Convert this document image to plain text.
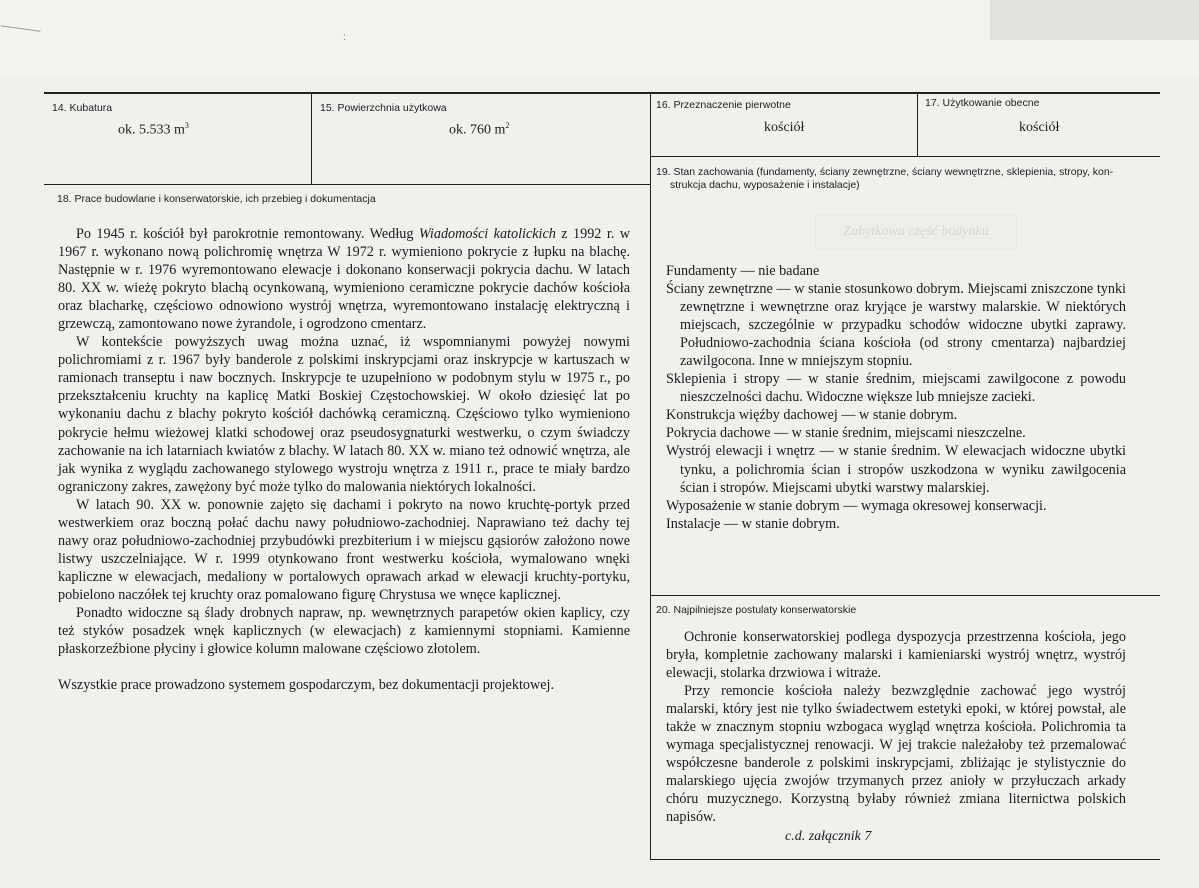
:
14. Kubatura
ok. 5.533 $m^3$
15. Powierzchnia użytkowa
ok. 760 $m^2$
16. Przeznaczenie pierwotne
kościół
17. Użytkowanie obecne
kościół
18. Prace budowlane i konserwatorskie, ich przebieg i dokumentacja

Po 1945 r. kościół był parokrotnie remontowany. Według Wiadomości katolickich z 1992 r. w 1967 r. wykonano nową polichromię wnętrza W 1972 r. wymieniono pokrycie z łupku na blachę. Następnie w r. 1976 wyremontowano elewacje i dokonano konserwacji pokrycia dachu. W latach 80. XX w. wieżę pokryto blachą ocynkowaną, wymieniono ceramiczne pokrycie dachów kościoła oraz blacharkę, częściowo odnowiono wystrój wnętrza, wyremontowano instalację elektryczną i grzewczą, zamontowano nowe żyrandole, i ogrodzono cmentarz.

W kontekście powyższych uwag można uznać, iż wspomnianymi powyżej nowymi polichromiami z r. 1967 były banderole z polskimi inskrypcjami oraz inskrypcje w kartuszach w ramionach transeptu i naw bocznych. Inskrypcje te uzupełniono w podobnym stylu w 1975 r., po przekształceniu kruchty na kaplicę Matki Boskiej Częstochowskiej. W około dziesięć lat po wykonaniu dachu z blachy pokryto kościół dachówką ceramiczną. Częściowo tylko wymieniono pokrycie hełmu wieżowej klatki schodowej oraz pseudosygnaturki westwerku, o czym świadczy zachowanie na ich latarniach kwiatów z blachy. W latach 80. XX w. miano też odnowić wnętrza, ale jak wynika z wyglądu zachowanego stylowego wystroju wnętrza z 1911 r., prace te miały bardzo ograniczony zakres, zawężony być może tylko do malowania niektórych lokalności.

W latach 90. XX w. ponownie zajęto się dachami i pokryto na nowo kruchtę-portyk przed westwerkiem oraz boczną połać dachu nawy południowo-zachodniej. Naprawiano też dachy tej nawy oraz południowo-zachodniej przybudówki prezbiterium i w miejscu gąsiorów założono nowe listwy uszczelniające. W r. 1999 otynkowano front westwerku kościoła, wymalowano wnęki kapliczne w elewacjach, medaliony w portalowych oprawach arkad w elewacji kruchty-portyku, pobielono naczółek tej kruchty oraz pomalowano figurę Chrystusa we wnęce kaplicznej.

Ponadto widoczne są ślady drobnych napraw, np. wewnętrznych parapetów okien kaplicy, czy też styków posadzek wnęk kaplicznych (w elewacjach) z kamiennymi stopniami. Kamienne płaskorzeźbione płyciny i głowice kolumn malowane częściowo złotolem.

Wszystkie prace prowadzono systemem gospodarczym, bez dokumentacji projektowej.

19. Stan zachowania (fundamenty, ściany zewnętrzne, ściany wewnętrzne, sklepienia, stropy, kon-
strukcja dachu, wyposażenie i instalacje)
Zabytkowa część budynku

Fundamenty — nie badane

Ściany zewnętrzne — w stanie stosunkowo dobrym. Miejscami zniszczone tynki zewnętrzne i wewnętrzne oraz kryjące je warstwy malarskie. W niektórych miejscach, szczególnie w przypadku schodów widoczne ubytki zaprawy. Południowo-zachodnia ściana kościoła (od strony cmentarza) najbardziej zawilgocona. Inne w mniejszym stopniu.

Sklepienia i stropy — w stanie średnim, miejscami zawilgocone z powodu nieszczelności dachu. Widoczne większe lub mniejsze zacieki.

Konstrukcja więźby dachowej — w stanie dobrym.

Pokrycia dachowe — w stanie średnim, miejscami nieszczelne.

Wystrój elewacji i wnętrz — w stanie średnim. W elewacjach widoczne ubytki tynku, a polichromia ścian i stropów uszkodzona w wyniku zawilgocenia ścian i stropów. Miejscami ubytki warstwy malarskiej.

Wyposażenie w stanie dobrym — wymaga okresowej konserwacji.

Instalacje — w stanie dobrym.

20. Najpilniejsze postulaty konserwatorskie

Ochronie konserwatorskiej podlega dyspozycja przestrzenna kościoła, jego bryła, kompletnie zachowany malarski i kamieniarski wystrój wnętrz, wystrój elewacji, stolarka drzwiowa i witraże.

Przy remoncie kościoła należy bezwzględnie zachować jego wystrój malarski, który jest nie tylko świadectwem estetyki epoki, w której powstał, ale także w znacznym stopniu wzbogaca wygląd wnętrza kościoła. Polichromia ta wymaga specjalistycznej renowacji. W jej trakcie należałoby też przemalować współczesne banderole z polskimi inskrypcjami, zbliżając je stylistycznie do malarskiego ujęcia zwojów trzymanych przez anioły w przyłuczach arkady chóru muzycznego. Korzystną byłaby również zmiana liternictwa polskich napisów.

c.d. załącznik 7
